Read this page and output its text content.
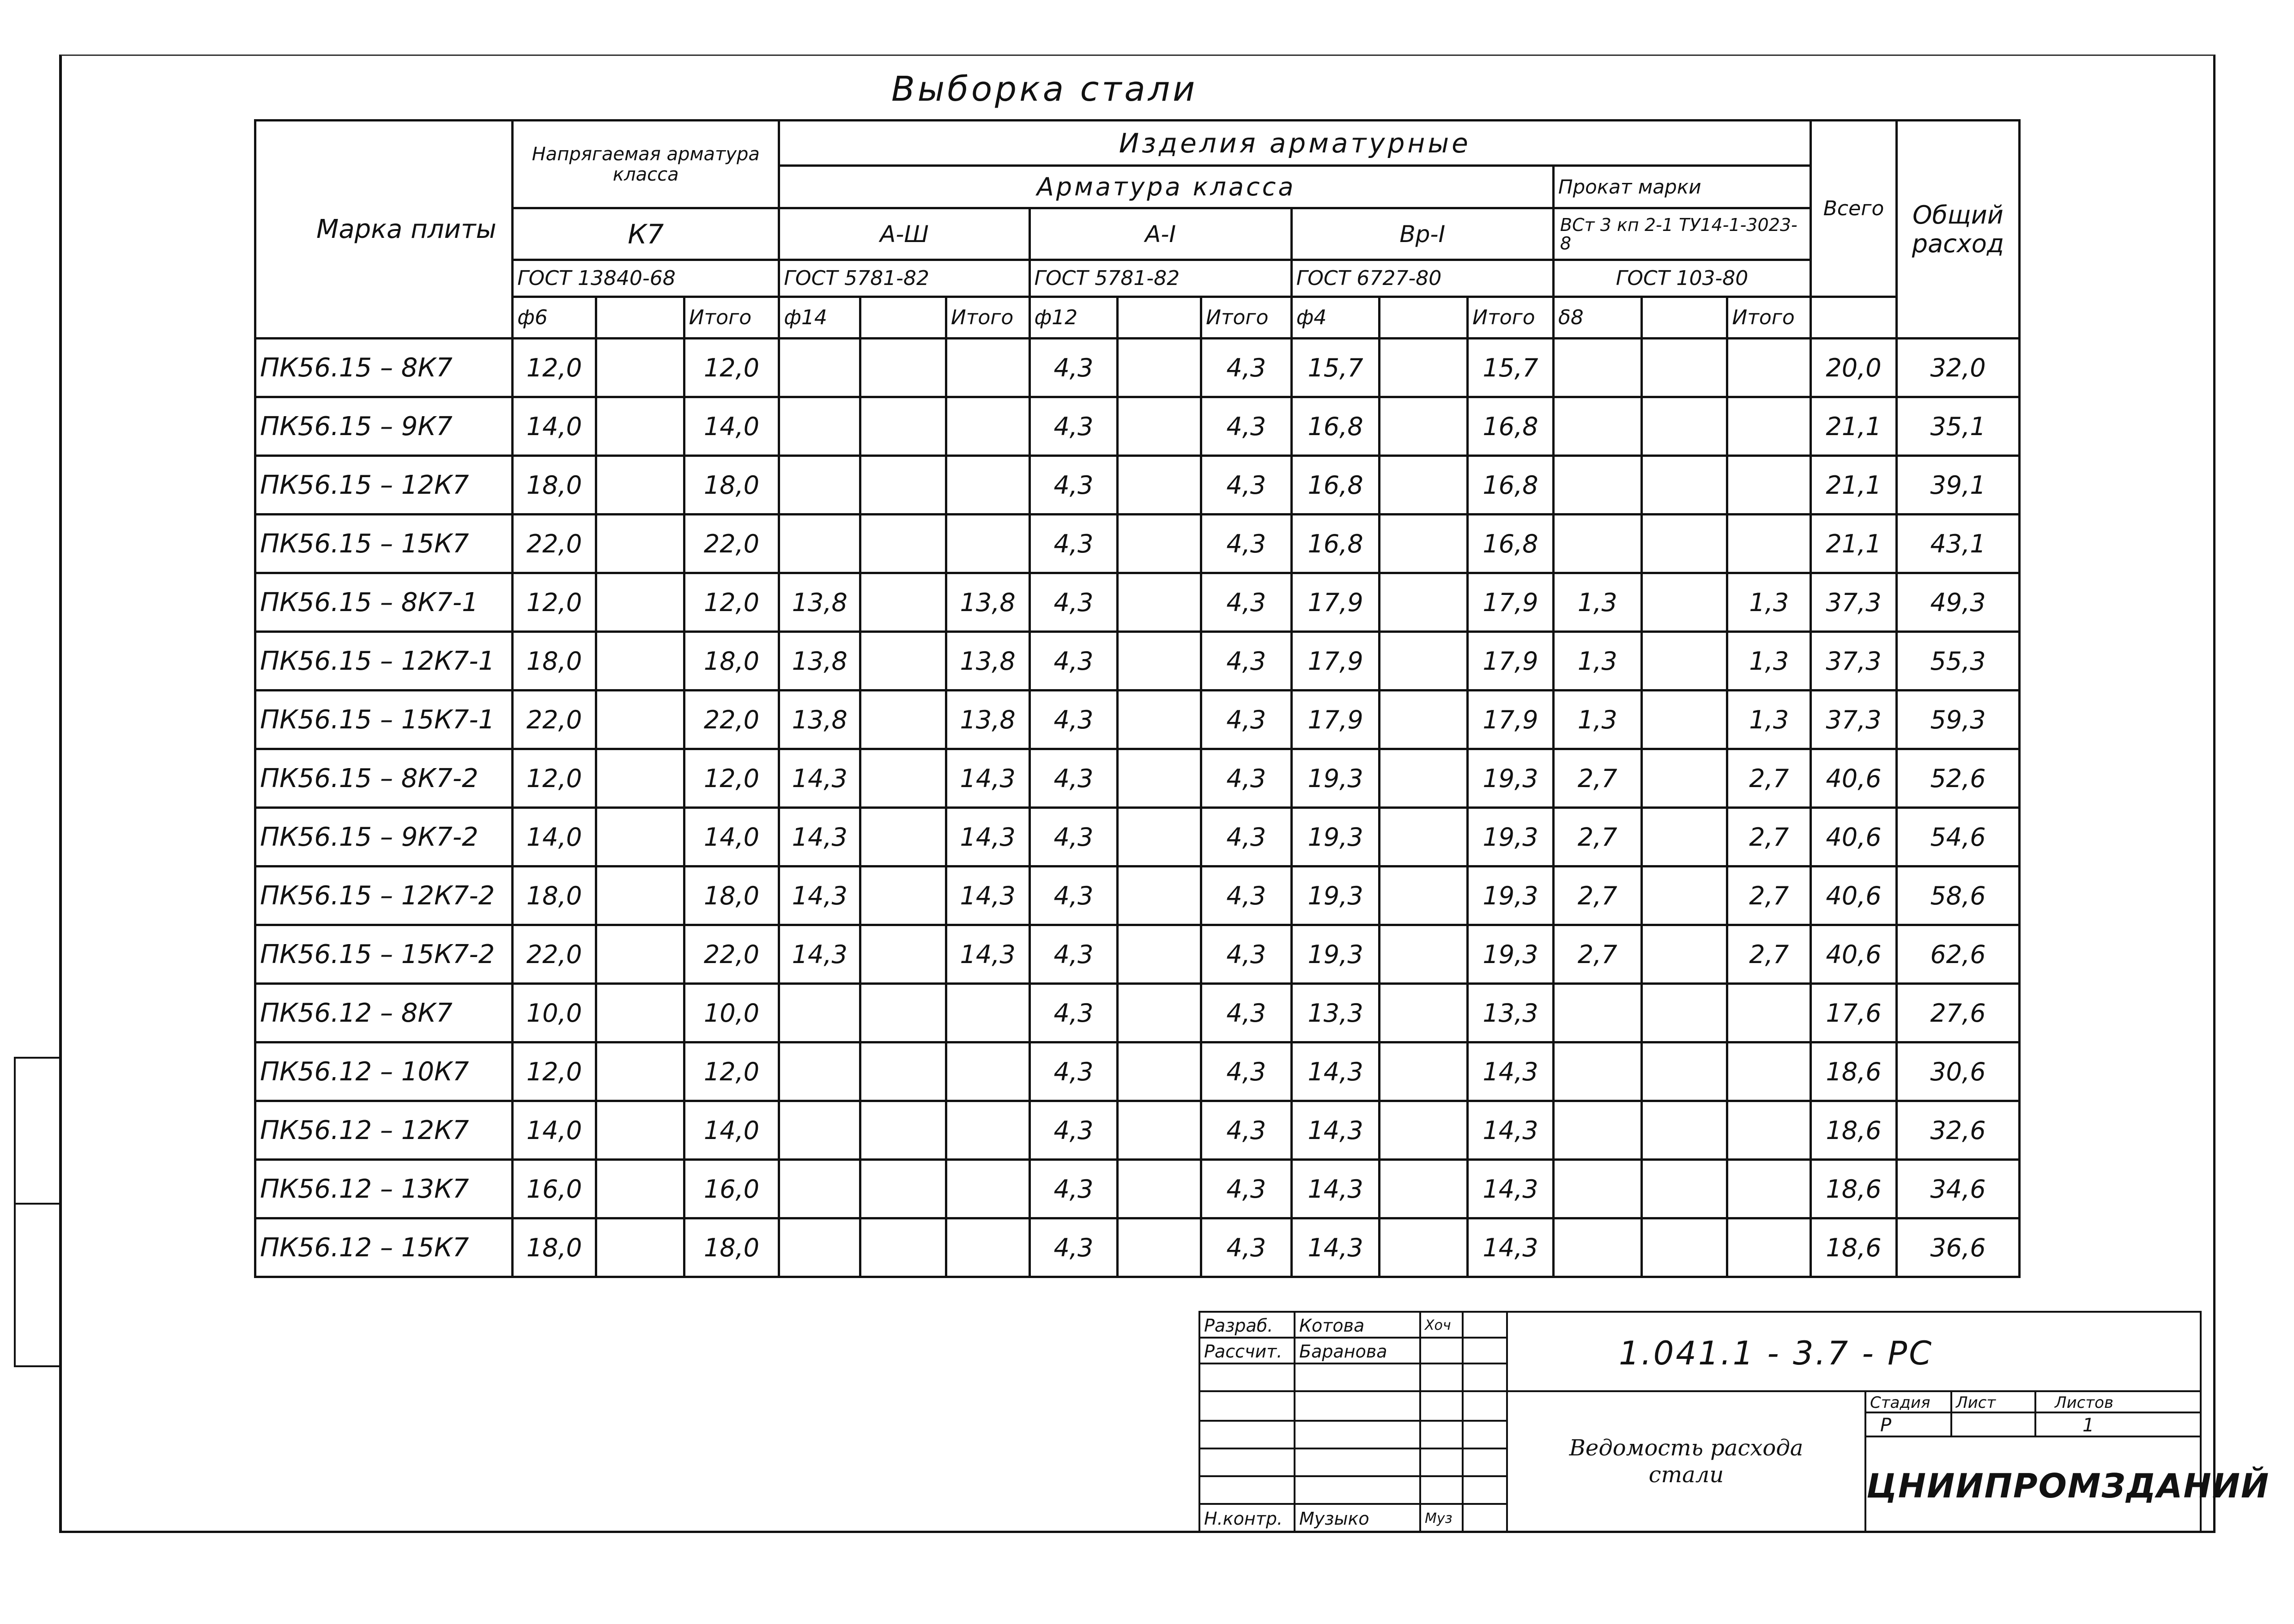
Выборка стали
Марка плиты	Напрягаемая арматура класса			Изделия арматурные												Всего	Общий расход
				Арматура класса									Прокат марки				
	К7			А-Ш			А-I			Вр-I			ВСт 3 кп 2-1 ТУ14-1-3023-8				
	ГОСТ 13840-68			ГОСТ 5781-82			ГОСТ 5781-82			ГОСТ 6727-80			ГОСТ 103-80				
	ф6		Итого	ф14		Итого	ф12		Итого	ф4		Итого	δ8		Итого		
ПК56.15 – 8К7	12,0		12,0				4,3		4,3	15,7		15,7				20,0	32,0
ПК56.15 – 9К7	14,0		14,0				4,3		4,3	16,8		16,8				21,1	35,1
ПК56.15 – 12К7	18,0		18,0				4,3		4,3	16,8		16,8				21,1	39,1
ПК56.15 – 15К7	22,0		22,0				4,3		4,3	16,8		16,8				21,1	43,1
ПК56.15 – 8К7-1	12,0		12,0	13,8		13,8	4,3		4,3	17,9		17,9	1,3		1,3	37,3	49,3
ПК56.15 – 12К7-1	18,0		18,0	13,8		13,8	4,3		4,3	17,9		17,9	1,3		1,3	37,3	55,3
ПК56.15 – 15К7-1	22,0		22,0	13,8		13,8	4,3		4,3	17,9		17,9	1,3		1,3	37,3	59,3
ПК56.15 – 8К7-2	12,0		12,0	14,3		14,3	4,3		4,3	19,3		19,3	2,7		2,7	40,6	52,6
ПК56.15 – 9К7-2	14,0		14,0	14,3		14,3	4,3		4,3	19,3		19,3	2,7		2,7	40,6	54,6
ПК56.15 – 12К7-2	18,0		18,0	14,3		14,3	4,3		4,3	19,3		19,3	2,7		2,7	40,6	58,6
ПК56.15 – 15К7-2	22,0		22,0	14,3		14,3	4,3		4,3	19,3		19,3	2,7		2,7	40,6	62,6
ПК56.12 – 8К7	10,0		10,0				4,3		4,3	13,3		13,3				17,6	27,6
ПК56.12 – 10К7	12,0		12,0				4,3		4,3	14,3		14,3				18,6	30,6
ПК56.12 – 12К7	14,0		14,0				4,3		4,3	14,3		14,3				18,6	32,6
ПК56.12 – 13К7	16,0		16,0				4,3		4,3	14,3		14,3				18,6	34,6
ПК56.12 – 15К7	18,0		18,0				4,3		4,3	14,3		14,3				18,6	36,6
Разраб.	Котова	Хоч
Рассчит. Баранова
Н.контр. Музыко	Муз
1.041.1 - 3.7 - РС
Ведомость расхода стали
Стадия	Лист	Листов
Р	1
ЦНИИПРОМЗДАНИЙ
